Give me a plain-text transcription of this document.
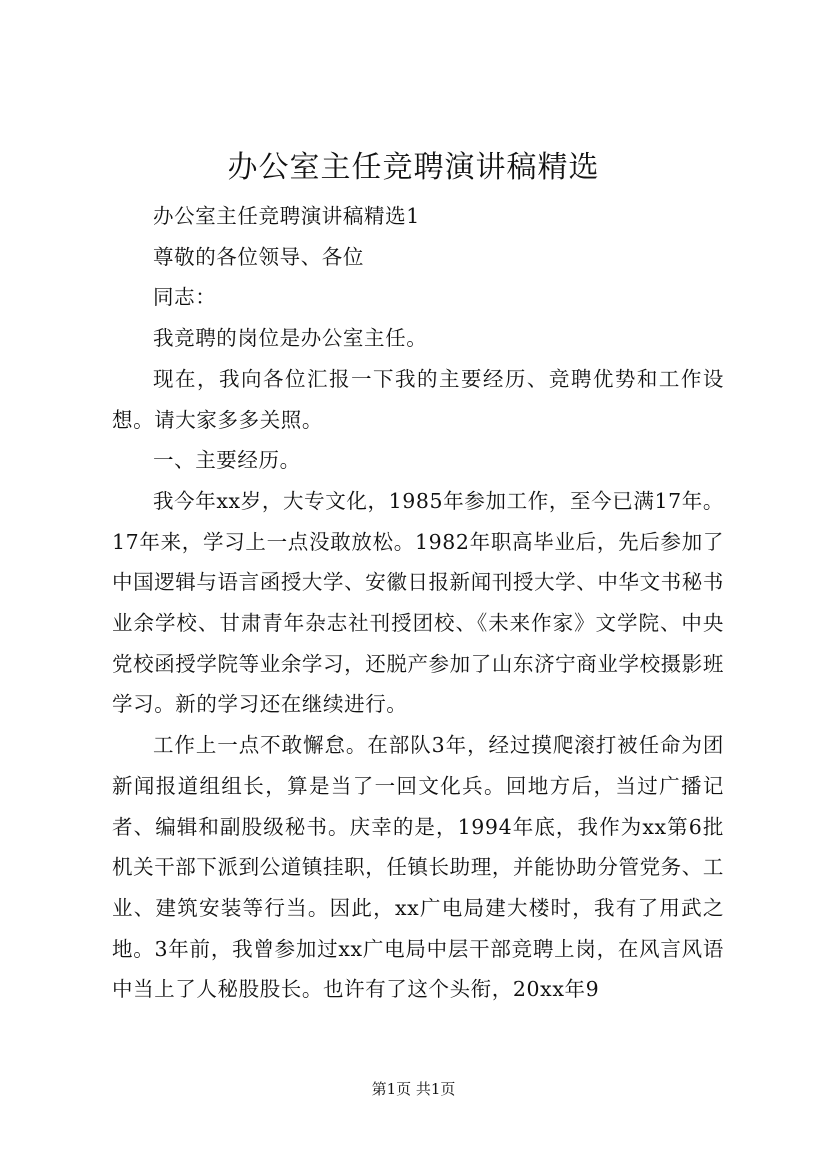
办公室主任竞聘演讲稿精选

办公室主任竞聘演讲稿精选1

尊敬的各位领导、各位

同志：

我竞聘的岗位是办公室主任。

现在，我向各位汇报一下我的主要经历、竞聘优势和工作设想。请大家多多关照。

一、主要经历。

我今年xx岁，大专文化，1985年参加工作，至今已满17年。17年来，学习上一点没敢放松。1982年职高毕业后，先后参加了中国逻辑与语言函授大学、安徽日报新闻刊授大学、中华文书秘书业余学校、甘肃青年杂志社刊授团校、《未来作家》文学院、中央党校函授学院等业余学习，还脱产参加了山东济宁商业学校摄影班学习。新的学习还在继续进行。

工作上一点不敢懈怠。在部队3年，经过摸爬滚打被任命为团新闻报道组组长，算是当了一回文化兵。回地方后，当过广播记者、编辑和副股级秘书。庆幸的是，1994年底，我作为xx第6批机关干部下派到公道镇挂职，任镇长助理，并能协助分管党务、工业、建筑安装等行当。因此，xx广电局建大楼时，我有了用武之地。3年前，我曾参加过xx广电局中层干部竞聘上岗，在风言风语中当上了人秘股股长。也许有了这个头衔，20xx年9

第1页 共1页
